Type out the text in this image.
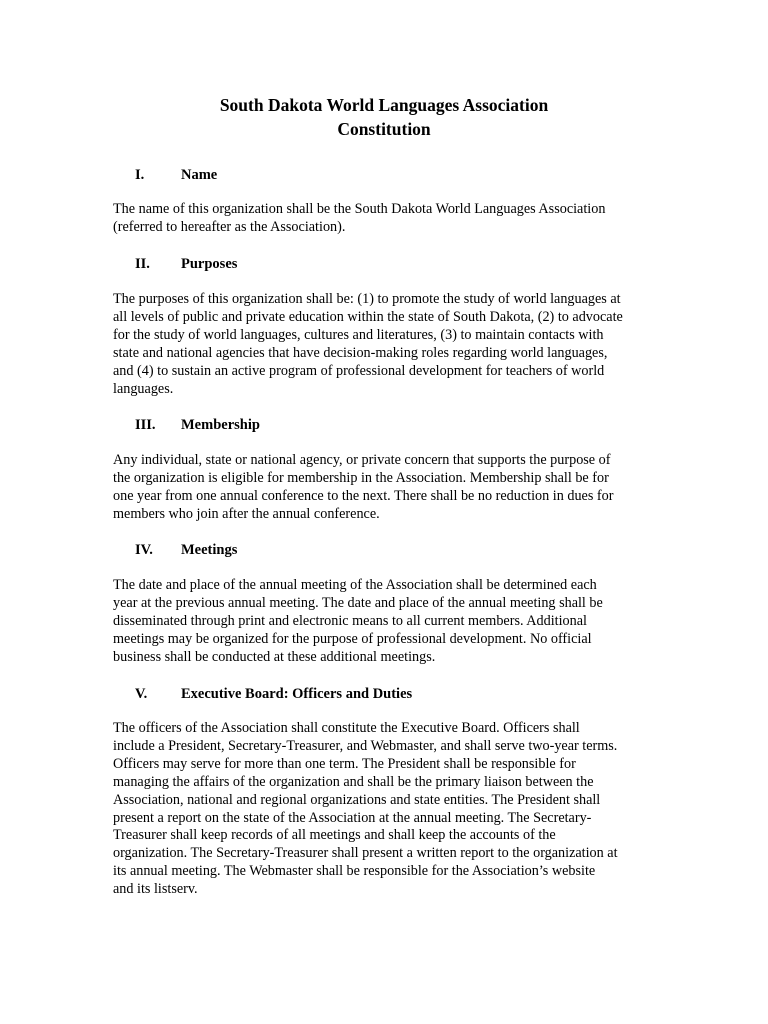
South Dakota World Languages Association
Constitution
I.	Name
The name of this organization shall be the South Dakota World Languages Association
(referred to hereafter as the Association).
II. Purposes
The purposes of this organization shall be: (1) to promote the study of world languages at
all levels of public and private education within the state of South Dakota, (2) to advocate
for the study of world languages, cultures and literatures, (3) to maintain contacts with
state and national agencies that have decision-making roles regarding world languages,
and (4) to sustain an active program of professional development for teachers of world
languages.
III. Membership
Any individual, state or national agency, or private concern that supports the purpose of
the organization is eligible for membership in the Association. Membership shall be for
one year from one annual conference to the next. There shall be no reduction in dues for
members who join after the annual conference.
IV. Meetings
The date and place of the annual meeting of the Association shall be determined each
year at the previous annual meeting. The date and place of the annual meeting shall be
disseminated through print and electronic means to all current members. Additional
meetings may be organized for the purpose of professional development. No official
business shall be conducted at these additional meetings.
V. Executive Board: Officers and Duties
The officers of the Association shall constitute the Executive Board. Officers shall
include a President, Secretary-Treasurer, and Webmaster, and shall serve two-year terms.
Officers may serve for more than one term. The President shall be responsible for
managing the affairs of the organization and shall be the primary liaison between the
Association, national and regional organizations and state entities. The President shall
present a report on the state of the Association at the annual meeting. The Secretary-
Treasurer shall keep records of all meetings and shall keep the accounts of the
organization. The Secretary-Treasurer shall present a written report to the organization at
its annual meeting. The Webmaster shall be responsible for the Association’s website
and its listserv.
